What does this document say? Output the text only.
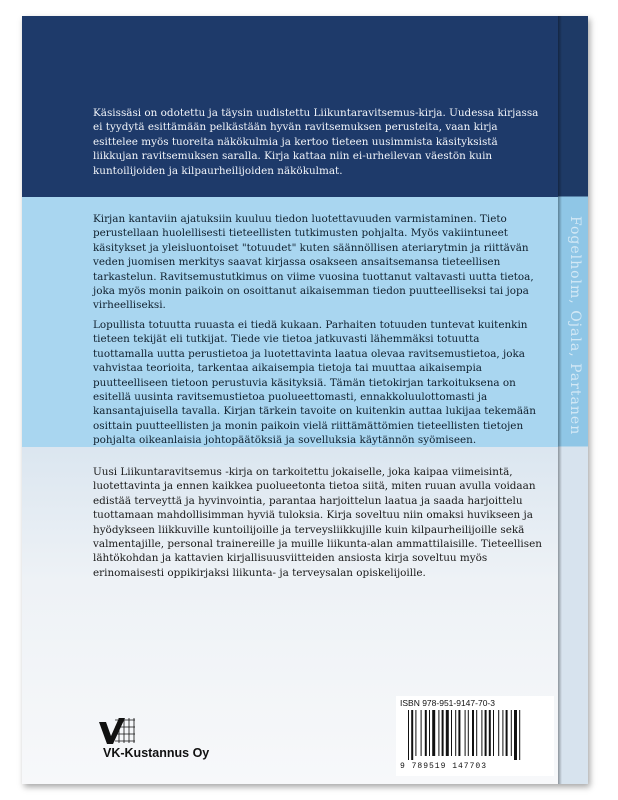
Käsissäsi on odotettu ja täysin uudistettu Liikuntaravitsemus-kirja. Uudessa kirjassa ei tyydytä esittämään pelkästään hyvän ravitsemuksen perusteita, vaan kirja esittelee myös tuoreita näkökulmia ja kertoo tieteen uusimmista käsityksistä liikkujan ravitsemuksen saralla. Kirja kattaa niin ei-urheilevan väestön kuin kuntoilijoiden ja kilpaurheilijoiden näkökulmat.

Kirjan kantaviin ajatuksiin kuuluu tiedon luotettavuuden varmistaminen. Tieto perustellaan huolellisesti tieteellisten tutkimusten pohjalta. Myös vakiintuneet käsitykset ja yleisluontoiset "totuudet" kuten säännöllisen ateriarytmin ja riittävän veden juomisen merkitys saavat kirjassa osakseen ansaitsemansa tieteellisen tarkastelun. Ravitsemustutkimus on viime vuosina tuottanut valtavasti uutta tietoa, joka myös monin paikoin on osoittanut aikaisemman tiedon puutteelliseksi tai jopa virheelliseksi.

Lopullista totuutta ruuasta ei tiedä kukaan. Parhaiten totuuden tuntevat kuitenkin tieteen tekijät eli tutkijat. Tiede vie tietoa jatkuvasti lähemmäksi totuutta tuottamalla uutta perustietoa ja luotettavinta laatua olevaa ravitsemustietoa, joka vahvistaa teorioita, tarkentaa aikaisempia tietoja tai muuttaa aikaisempia puutteelliseen tietoon perustuvia käsityksiä. Tämän tietokirjan tarkoituksena on esitellä uusinta ravitsemustietoa puolueettomasti, ennakkoluulottomasti ja kansantajuisella tavalla. Kirjan tärkein tavoite on kuitenkin auttaa lukijaa tekemään osittain puutteellisten ja monin paikoin vielä riittämättömien tieteellisten tietojen pohjalta oikeanlaisia johtopäätöksiä ja sovelluksia käytännön syömiseen.

Uusi Liikuntaravitsemus -kirja on tarkoitettu jokaiselle, joka kaipaa viimeisintä, luotettavinta ja ennen kaikkea puolueetonta tietoa siitä, miten ruuan avulla voidaan edistää terveyttä ja hyvinvointia, parantaa harjoittelun laatua ja saada harjoittelu tuottamaan mahdollisimman hyviä tuloksia. Kirja soveltuu niin omaksi huvikseen ja hyödykseen liikkuville kuntoilijoille ja terveysliikkujille kuin kilpaurheilijoille sekä valmentajille, personal trainereille ja muille liikunta-alan ammattilaisille. Tieteellisen lähtökohdan ja kattavien kirjallisuusviitteiden ansiosta kirja soveltuu myös erinomaisesti oppikirjaksi liikunta- ja terveysalan opiskelijoille.

ISBN 978-951-9147-70-3
9 789519 147703
VK-Kustannus Oy
Fogelholm, Ojala, Partanen
